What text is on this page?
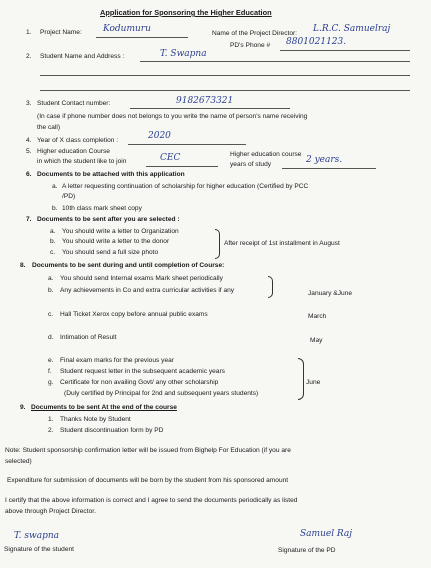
Application for Sponsoring the Higher Education
1. Project Name: Kodumuru	Name of the Project Director: L.R.C. Samuelraj
PD's Phone # 8801021123.
2. Student Name and Address :	T. Swapna
3. Student Contact number:	9182673321
(In case if phone number does not belongs to you write the name of person's name receiving
the call)
4. Year of X class completion :	2020
5. Higher education Course
in which the student like to join	CEC	Higher education course
years of study	2 years.
6. Documents to be attached with this application
a. A letter requesting continuation of scholarship for higher education (Certified by PCC
/PD)
b. 10th class mark sheet copy
7. Documents to be sent after you are selected :
a. You should write a letter to Organization
b. You should write a letter to the donor
c. You should send a full size photo
After receipt of 1st installment in August
8. Documents to be sent during and until completion of Course:
a. You should send Internal exams Mark sheet periodically
b. Any achievements in Co and extra curricular activities if any	January &June
c. Hall Ticket Xerox copy before annual public exams	March
d. Intimation of Result	May
e. Final exam marks for the previous year
f. Student request letter in the subsequent academic years
g. Certificate for non availing Govt/ any other scholarship
(Duly certified by Principal for 2nd and subsequent years students)
June
9. Documents to be sent At the end of the course
1. Thanks Note by Student
2. Student discontinuation form by PD
Note: Student sponsorship confirmation letter will be issued from Bighelp For Education (if you are
selected)
Expenditure for submission of documents will be born by the student from his sponsored amount
I certify that the above information is correct and I agree to send the documents periodically as listed
above through Project Director.
T. swapna
Signature of the student
Samuel Raj
Signature of the PD
